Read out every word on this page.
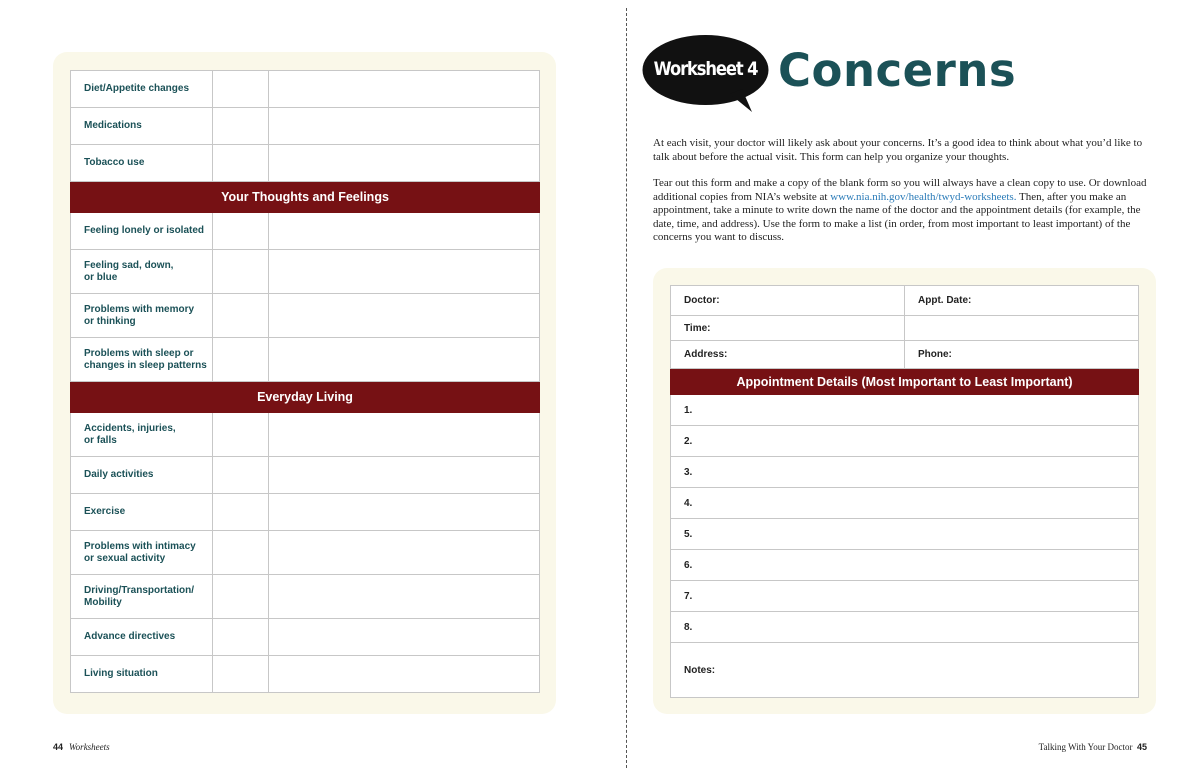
Diet/Appetite changes		
Medications		
Tobacco use		
Your Thoughts and Feelings		
Feeling lonely or isolated		
Feeling sad, down,
or blue		
Problems with memory
or thinking		
Problems with sleep or
changes in sleep patterns		
Everyday Living		
Accidents, injuries,
or falls		
Daily activities		
Exercise		
Problems with intimacy
or sexual activity		
Driving/Transportation/
Mobility		
Advance directives		
Living situation		
44 Worksheets
Worksheet 4 Concerns

At each visit, your doctor will likely ask about your concerns. It’s a good idea to think about what you’d like to talk about before the actual visit. This form can help you organize your thoughts.

Tear out this form and make a copy of the blank form so you will always have a clean copy to use. Or download additional copies from NIA’s website at www.nia.nih.gov/health/twyd-worksheets. Then, after you make an appointment, take a minute to write down the name of the doctor and the appointment details (for example, the date, time, and address). Use the form to make a list (in order, from most important to least important) of the concerns you want to discuss.

Doctor:	Appt. Date:
Time:	
Address:	Phone:
Appointment Details (Most Important to Least Important)	
1.	
2.	
3.	
4.	
5.	
6.	
7.	
8.	
Notes:	
Talking With Your Doctor 45
